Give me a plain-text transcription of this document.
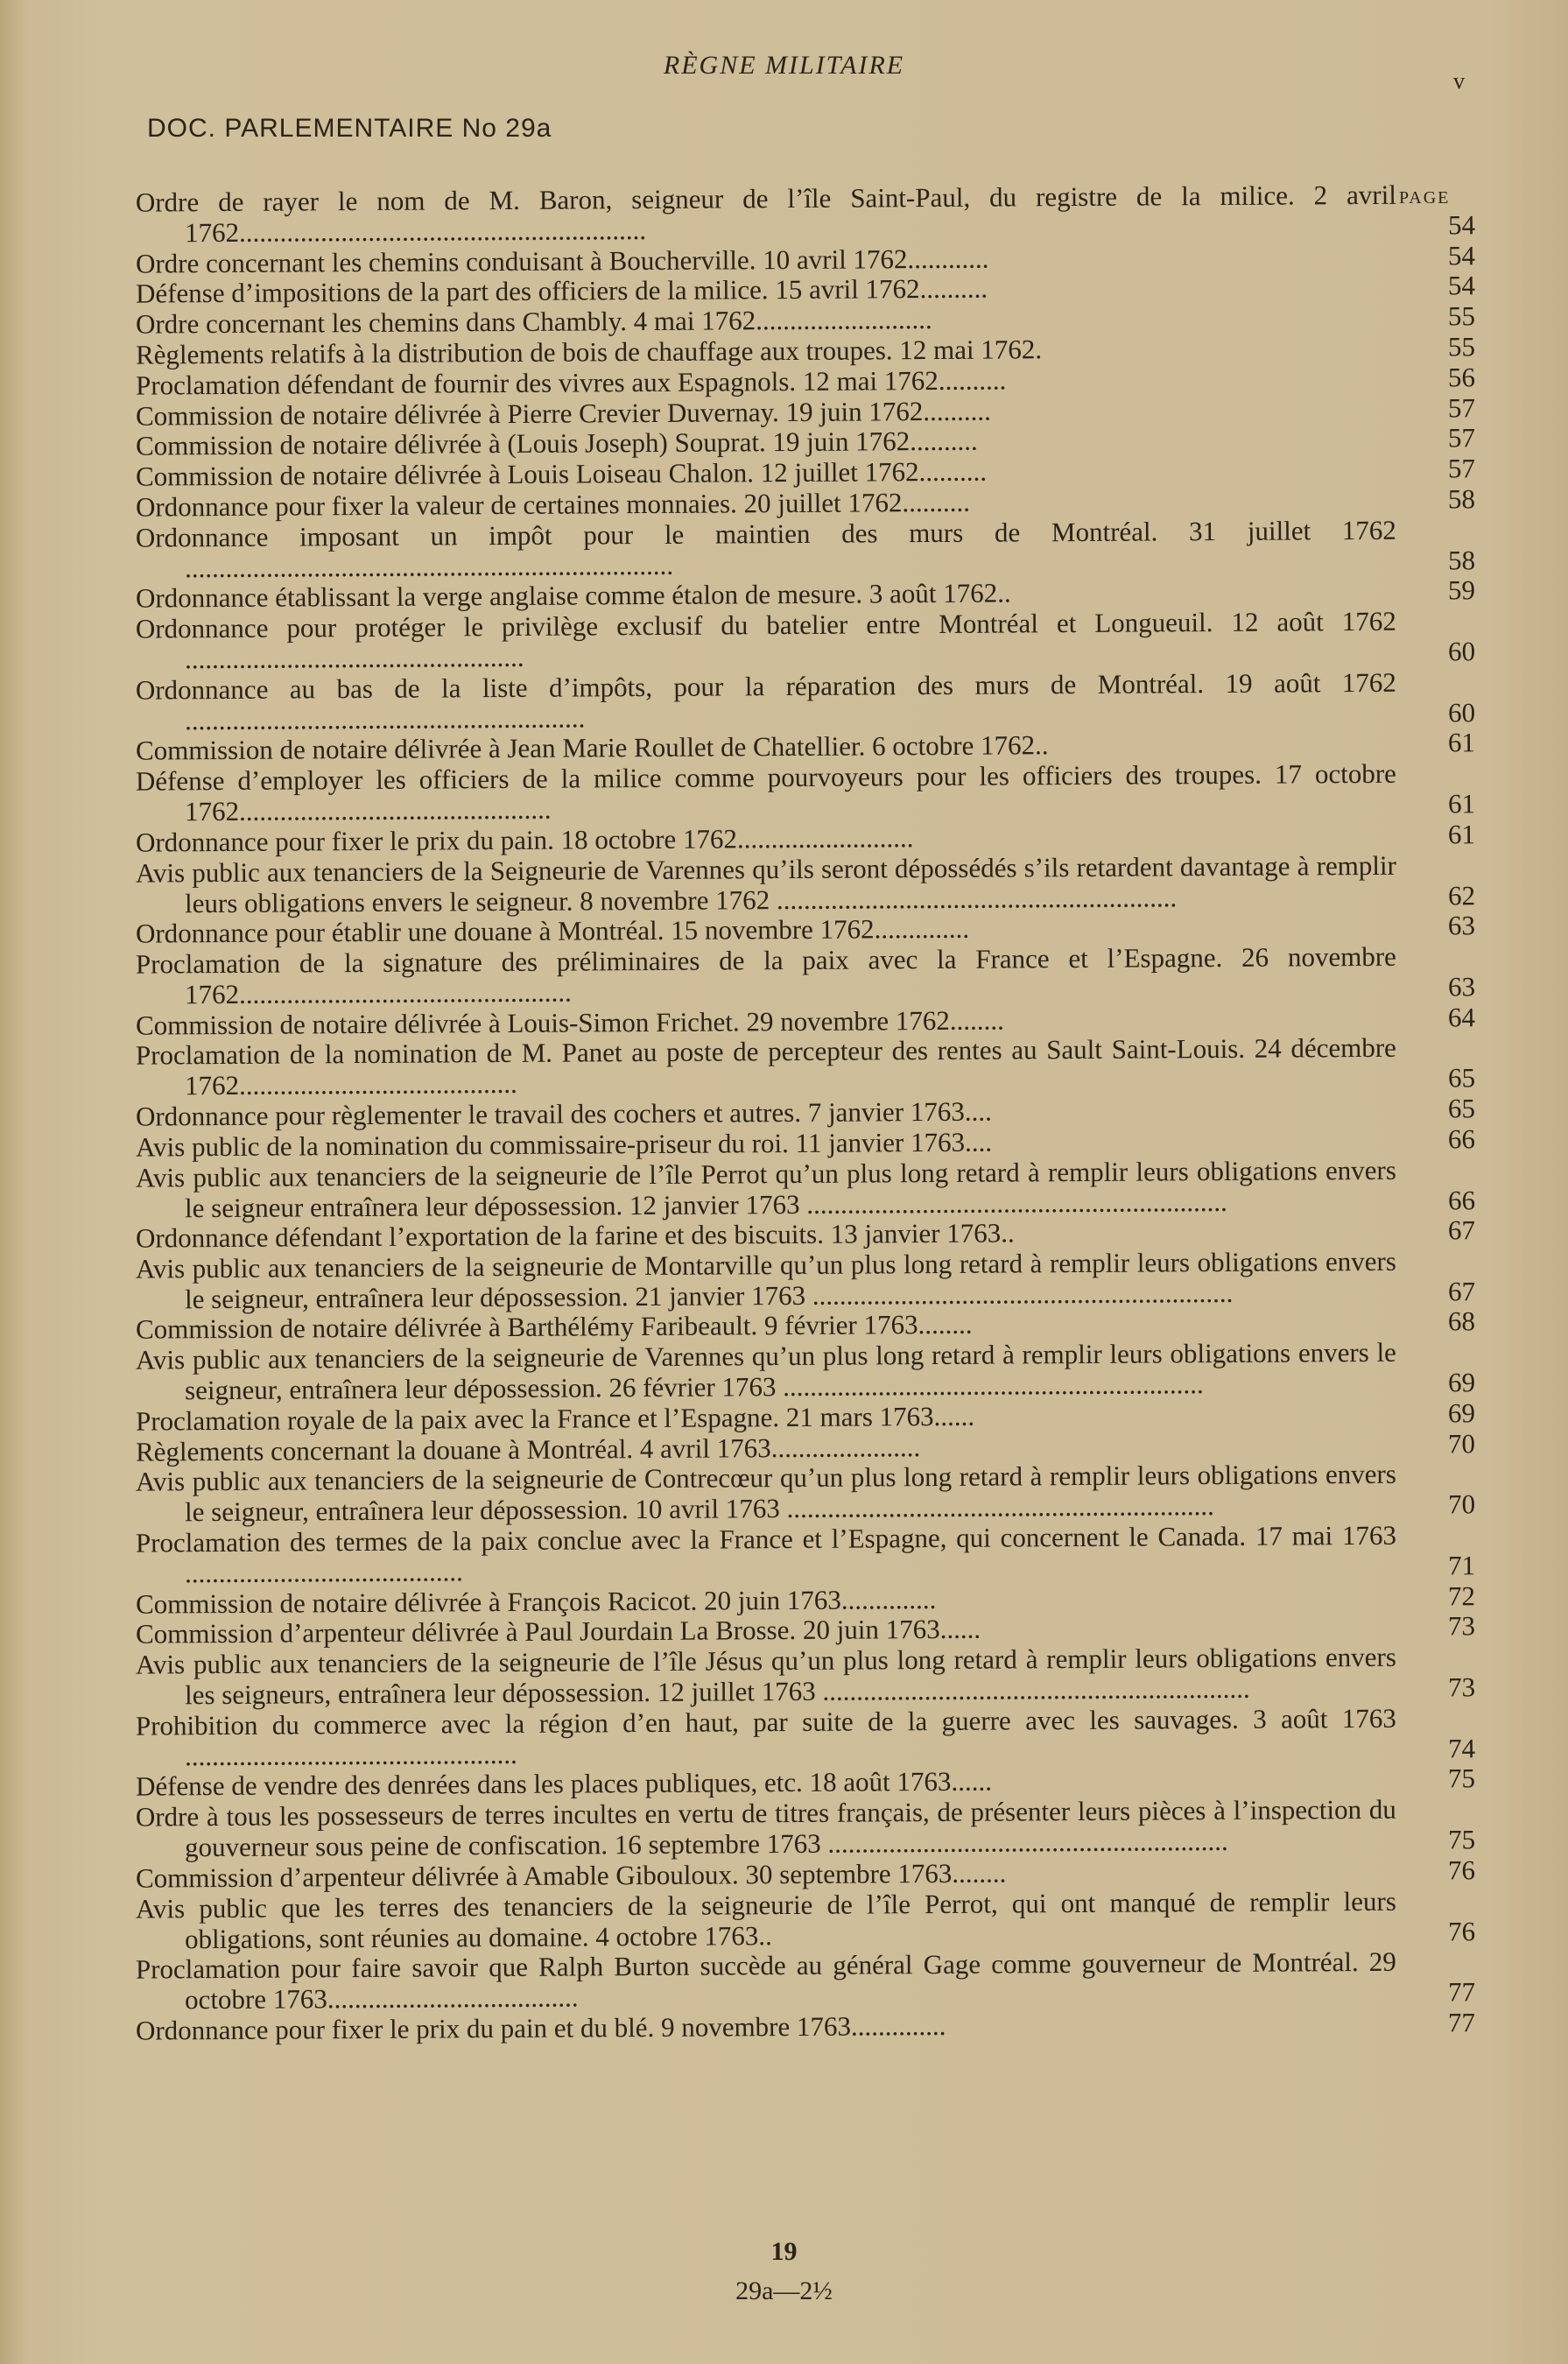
RÈGNE MILITAIRE
v
DOC. PARLEMENTAIRE No 29a
PAGE
Ordre de rayer le nom de M. Baron, seigneur de l’île Saint-Paul, du registre de la milice. 2 avril 1762............................................................	54
Ordre concernant les chemins conduisant à Boucherville. 10 avril 1762............	54
Défense d’impositions de la part des officiers de la milice. 15 avril 1762..........	54
Ordre concernant les chemins dans Chambly. 4 mai 1762..........................	55
Règlements relatifs à la distribution de bois de chauffage aux troupes. 12 mai 1762.	55
Proclamation défendant de fournir des vivres aux Espagnols. 12 mai 1762..........	56
Commission de notaire délivrée à Pierre Crevier Duvernay. 19 juin 1762..........	57
Commission de notaire délivrée à (Louis Joseph) Souprat. 19 juin 1762..........	57
Commission de notaire délivrée à Louis Loiseau Chalon. 12 juillet 1762..........	57
Ordonnance pour fixer la valeur de certaines monnaies. 20 juillet 1762..........	58
Ordonnance imposant un impôt pour le maintien des murs de Montréal. 31 juillet 1762 ........................................................................	58
Ordonnance établissant la verge anglaise comme étalon de mesure. 3 août 1762..	59
Ordonnance pour protéger le privilège exclusif du batelier entre Montréal et Longueuil. 12 août 1762 ..................................................	60
Ordonnance au bas de la liste d’impôts, pour la réparation des murs de Montréal. 19 août 1762 ...........................................................	60
Commission de notaire délivrée à Jean Marie Roullet de Chatellier. 6 octobre 1762..	61
Défense d’employer les officiers de la milice comme pourvoyeurs pour les officiers des troupes. 17 octobre 1762..............................................	61
Ordonnance pour fixer le prix du pain. 18 octobre 1762..........................	61
Avis public aux tenanciers de la Seigneurie de Varennes qu’ils seront dépossédés s’ils retardent davantage à remplir leurs obligations envers le seigneur. 8 novembre 1762 ...........................................................	62
Ordonnance pour établir une douane à Montréal. 15 novembre 1762..............	63
Proclamation de la signature des préliminaires de la paix avec la France et l’Espagne. 26 novembre 1762.................................................	63
Commission de notaire délivrée à Louis-Simon Frichet. 29 novembre 1762........	64
Proclamation de la nomination de M. Panet au poste de percepteur des rentes au Sault Saint-Louis. 24 décembre 1762.........................................	65
Ordonnance pour règlementer le travail des cochers et autres. 7 janvier 1763....	65
Avis public de la nomination du commissaire-priseur du roi. 11 janvier 1763....	66
Avis public aux tenanciers de la seigneurie de l’île Perrot qu’un plus long retard à remplir leurs obligations envers le seigneur entraînera leur dépossession. 12 janvier 1763 ..............................................................	66
Ordonnance défendant l’exportation de la farine et des biscuits. 13 janvier 1763..	67
Avis public aux tenanciers de la seigneurie de Montarville qu’un plus long retard à remplir leurs obligations envers le seigneur, entraînera leur dépossession. 21 janvier 1763 ..............................................................	67
Commission de notaire délivrée à Barthélémy Faribeault. 9 février 1763........	68
Avis public aux tenanciers de la seigneurie de Varennes qu’un plus long retard à remplir leurs obligations envers le seigneur, entraînera leur dépossession. 26 février 1763 ..............................................................	69
Proclamation royale de la paix avec la France et l’Espagne. 21 mars 1763......	69
Règlements concernant la douane à Montréal. 4 avril 1763......................	70
Avis public aux tenanciers de la seigneurie de Contrecœur qu’un plus long retard à remplir leurs obligations envers le seigneur, entraînera leur dépossession. 10 avril 1763 ...............................................................	70
Proclamation des termes de la paix conclue avec la France et l’Espagne, qui concernent le Canada. 17 mai 1763 .........................................	71
Commission de notaire délivrée à François Racicot. 20 juin 1763..............	72
Commission d’arpenteur délivrée à Paul Jourdain La Brosse. 20 juin 1763......	73
Avis public aux tenanciers de la seigneurie de l’île Jésus qu’un plus long retard à remplir leurs obligations envers les seigneurs, entraînera leur dépossession. 12 juillet 1763 ...............................................................	73
Prohibition du commerce avec la région d’en haut, par suite de la guerre avec les sauvages. 3 août 1763 .................................................	74
Défense de vendre des denrées dans les places publiques, etc. 18 août 1763......	75
Ordre à tous les possesseurs de terres incultes en vertu de titres français, de présenter leurs pièces à l’inspection du gouverneur sous peine de confiscation. 16 septembre 1763 ...........................................................	75
Commission d’arpenteur délivrée à Amable Gibouloux. 30 septembre 1763........	76
Avis public que les terres des tenanciers de la seigneurie de l’île Perrot, qui ont manqué de remplir leurs obligations, sont réunies au domaine. 4 octobre 1763..	76
Proclamation pour faire savoir que Ralph Burton succède au général Gage comme gouverneur de Montréal. 29 octobre 1763.....................................	77
Ordonnance pour fixer le prix du pain et du blé. 9 novembre 1763..............	77
19
29a—2½
